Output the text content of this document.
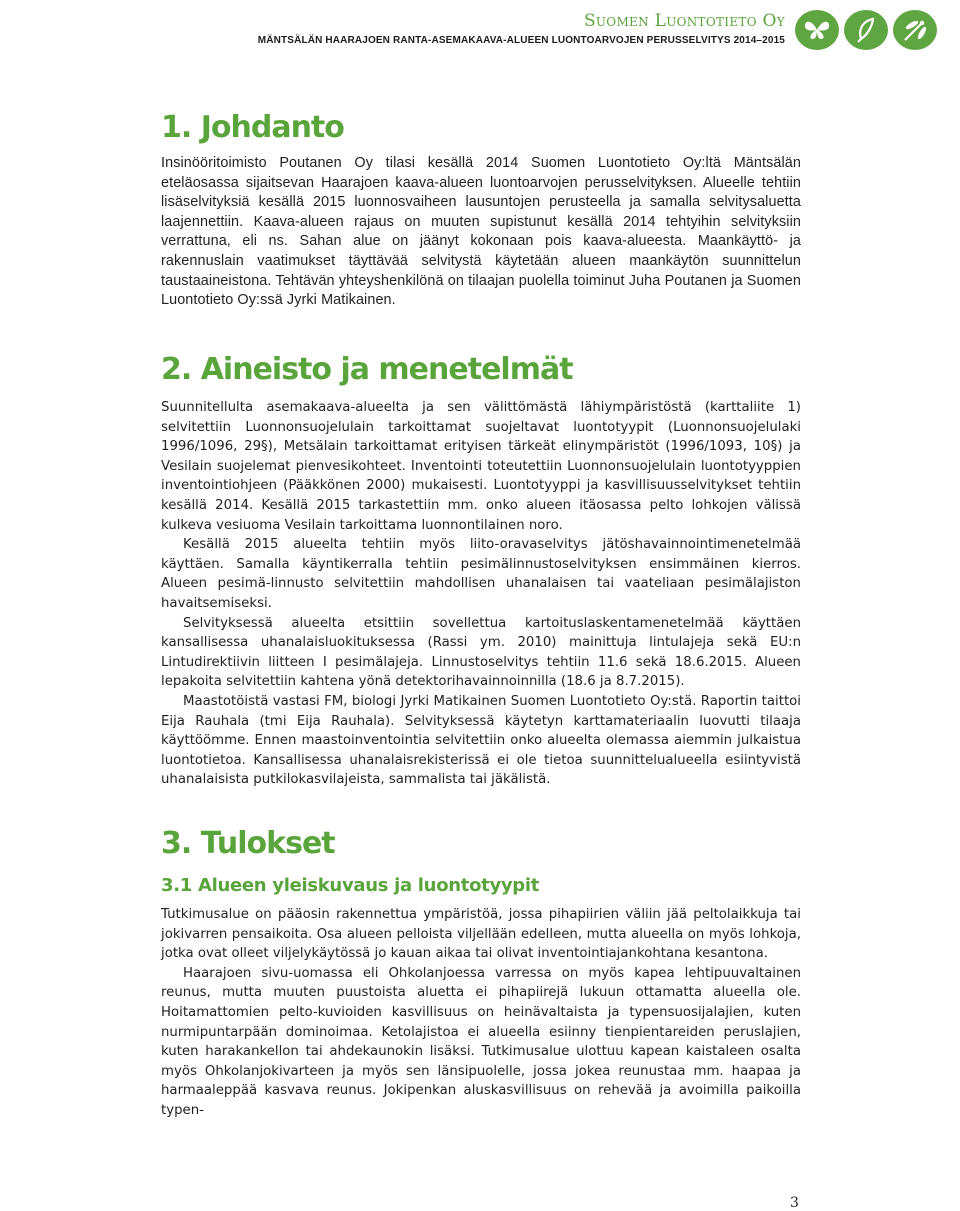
Suomen Luontotieto Oy
MÄNTSÄLÄN HAARAJOEN RANTA-ASEMAKAAVA-ALUEEN LUONTOARVOJEN PERUSSELVITYS 2014–2015
1. Johdanto

Insinööritoimisto Poutanen Oy tilasi kesällä 2014 Suomen Luontotieto Oy:ltä Mäntsälän eteläosassa sijaitsevan Haarajoen kaava-alueen luontoarvojen perusselvityksen. Alueelle tehtiin lisäselvityksiä kesällä 2015 luonnosvaiheen lausuntojen perusteella ja samalla selvitysaluetta laajennettiin. Kaava-alueen rajaus on muuten supistunut kesällä 2014 tehtyihin selvityksiin verrattuna, eli ns. Sahan alue on jäänyt kokonaan pois kaava-alueesta. Maankäyttö- ja rakennuslain vaatimukset täyttävää selvitystä käytetään alueen maankäytön suunnittelun taustaaineistona. Tehtävän yhteyshenkilönä on tilaajan puolella toiminut Juha Poutanen ja Suomen Luontotieto Oy:ssä Jyrki Matikainen.

2. Aineisto ja menetelmät

Suunnitellulta asemakaava-alueelta ja sen välittömästä lähiympäristöstä (karttaliite 1) selvitettiin Luonnonsuojelulain tarkoittamat suojeltavat luontotyypit (Luonnonsuojelulaki 1996/1096, 29§), Metsälain tarkoittamat erityisen tärkeät elinympäristöt (1996/1093, 10§) ja Vesilain suojelemat pienvesikohteet. Inventointi toteutettiin Luonnonsuojelulain luontotyyppien inventointiohjeen (Pääkkönen 2000) mukaisesti. Luontotyyppi ja kasvillisuusselvitykset tehtiin kesällä 2014. Kesällä 2015 tarkastettiin mm. onko alueen itäosassa pelto lohkojen välissä kulkeva vesiuoma Vesilain tarkoittama luonnontilainen noro.

Kesällä 2015 alueelta tehtiin myös liito-oravaselvitys jätöshavainnointimenetelmää käyttäen. Samalla käyntikerralla tehtiin pesimälinnustoselvityksen ensimmäinen kierros. Alueen pesimä-linnusto selvitettiin mahdollisen uhanalaisen tai vaateliaan pesimälajiston havaitsemiseksi.

Selvityksessä alueelta etsittiin sovellettua kartoituslaskentamenetelmää käyttäen kansallisessa uhanalaisluokituksessa (Rassi ym. 2010) mainittuja lintulajeja sekä EU:n Lintudirektiivin liitteen I pesimälajeja. Linnustoselvitys tehtiin 11.6 sekä 18.6.2015. Alueen lepakoita selvitettiin kahtena yönä detektorihavainnoinnilla (18.6 ja 8.7.2015).

Maastotöistä vastasi FM, biologi Jyrki Matikainen Suomen Luontotieto Oy:stä. Raportin taittoi Eija Rauhala (tmi Eija Rauhala). Selvityksessä käytetyn karttamateriaalin luovutti tilaaja käyttöömme. Ennen maastoinventointia selvitettiin onko alueelta olemassa aiemmin julkaistua luontotietoa. Kansallisessa uhanalaisrekisterissä ei ole tietoa suunnittelualueella esiintyvistä uhanalaisista putkilokasvilajeista, sammalista tai jäkälistä.

3. Tulokset
3.1 Alueen yleiskuvaus ja luontotyypit

Tutkimusalue on pääosin rakennettua ympäristöä, jossa pihapiirien väliin jää peltolaikkuja tai jokivarren pensaikoita. Osa alueen pelloista viljellään edelleen, mutta alueella on myös lohkoja, jotka ovat olleet viljelykäytössä jo kauan aikaa tai olivat inventointiajankohtana kesantona.

Haarajoen sivu-uomassa eli Ohkolanjoessa varressa on myös kapea lehtipuuvaltainen reunus, mutta muuten puustoista aluetta ei pihapiirejä lukuun ottamatta alueella ole. Hoitamattomien pelto-kuvioiden kasvillisuus on heinävaltaista ja typensuosijalajien, kuten nurmipuntarpään dominoimaa. Ketolajistoa ei alueella esiinny tienpientareiden peruslajien, kuten harakankellon tai ahdekaunokin lisäksi. Tutkimusalue ulottuu kapean kaistaleen osalta myös Ohkolanjokivarteen ja myös sen länsipuolelle, jossa jokea reunustaa mm. haapaa ja harmaaleppää kasvava reunus. Jokipenkan aluskasvillisuus on rehevää ja avoimilla paikoilla typen-

3
